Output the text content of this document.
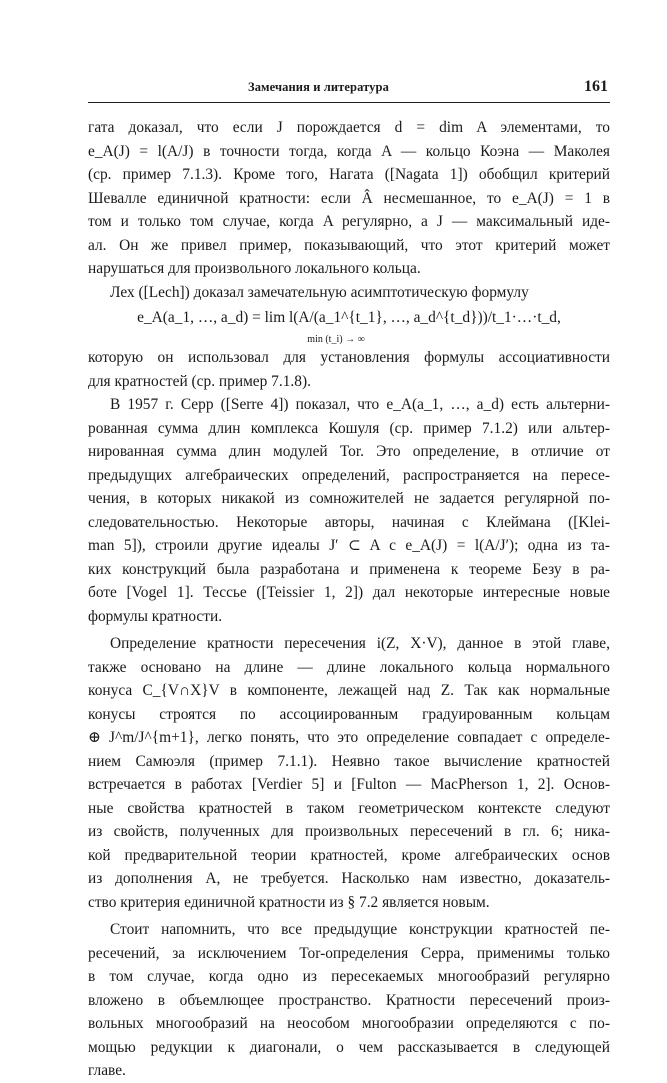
Замечания и литература	161
гата доказал, что если J порождается d = dim A элементами, то
e_A(J) = l(A/J) в точности тогда, когда A — кольцо Коэна — Маколея
(ср. пример 7.1.3). Кроме того, Нагата ([Nagata 1]) обобщил критерий
Шевалле единичной кратности: если Â несмешанное, то e_A(J) = 1 в
том и только том случае, когда A регулярно, а J — максимальный иде-
ал. Он же привел пример, показывающий, что этот критерий может
нарушаться для произвольного локального кольца.
Лех ([Lech]) доказал замечательную асимптотическую формулу
e_A(a_1, …, a_d) = lim l(A/(a_1^{t_1}, …, a_d^{t_d}))/t_1·…·t_d,
min (t_i) → ∞
которую он использовал для установления формулы ассоциативности
для кратностей (ср. пример 7.1.8).
В 1957 г. Серр ([Serre 4]) показал, что e_A(a_1, …, a_d) есть альтерни-
рованная сумма длин комплекса Кошуля (ср. пример 7.1.2) или альтер-
нированная сумма длин модулей Tor. Это определение, в отличие от
предыдущих алгебраических определений, распространяется на пересе-
чения, в которых никакой из сомножителей не задается регулярной по-
следовательностью. Некоторые авторы, начиная с Клеймана ([Klei-
man 5]), строили другие идеалы J′ ⊂ A с e_A(J) = l(A/J′); одна из та-
ких конструкций была разработана и применена к теореме Безу в ра-
боте [Vogel 1]. Тессье ([Teissier 1, 2]) дал некоторые интересные новые
формулы кратности.
Определение кратности пересечения i(Z, X·V), данное в этой главе,
также основано на длине — длине локального кольца нормального
конуса C_{V∩X}V в компоненте, лежащей над Z. Так как нормальные
конусы строятся по ассоциированным градуированным кольцам
⊕ J^m/J^{m+1}, легко понять, что это определение совпадает с определе-
нием Самюэля (пример 7.1.1). Неявно такое вычисление кратностей
встречается в работах [Verdier 5] и [Fulton — MacPherson 1, 2]. Основ-
ные свойства кратностей в таком геометрическом контексте следуют
из свойств, полученных для произвольных пересечений в гл. 6; ника-
кой предварительной теории кратностей, кроме алгебраических основ
из дополнения А, не требуется. Насколько нам известно, доказатель-
ство критерия единичной кратности из § 7.2 является новым.
Стоит напомнить, что все предыдущие конструкции кратностей пе-
ресечений, за исключением Tor-определения Серра, применимы только
в том случае, когда одно из пересекаемых многообразий регулярно
вложено в объемлющее пространство. Кратности пересечений произ-
вольных многообразий на неособом многообразии определяются с по-
мощью редукции к диагонали, о чем рассказывается в следующей
главе.
